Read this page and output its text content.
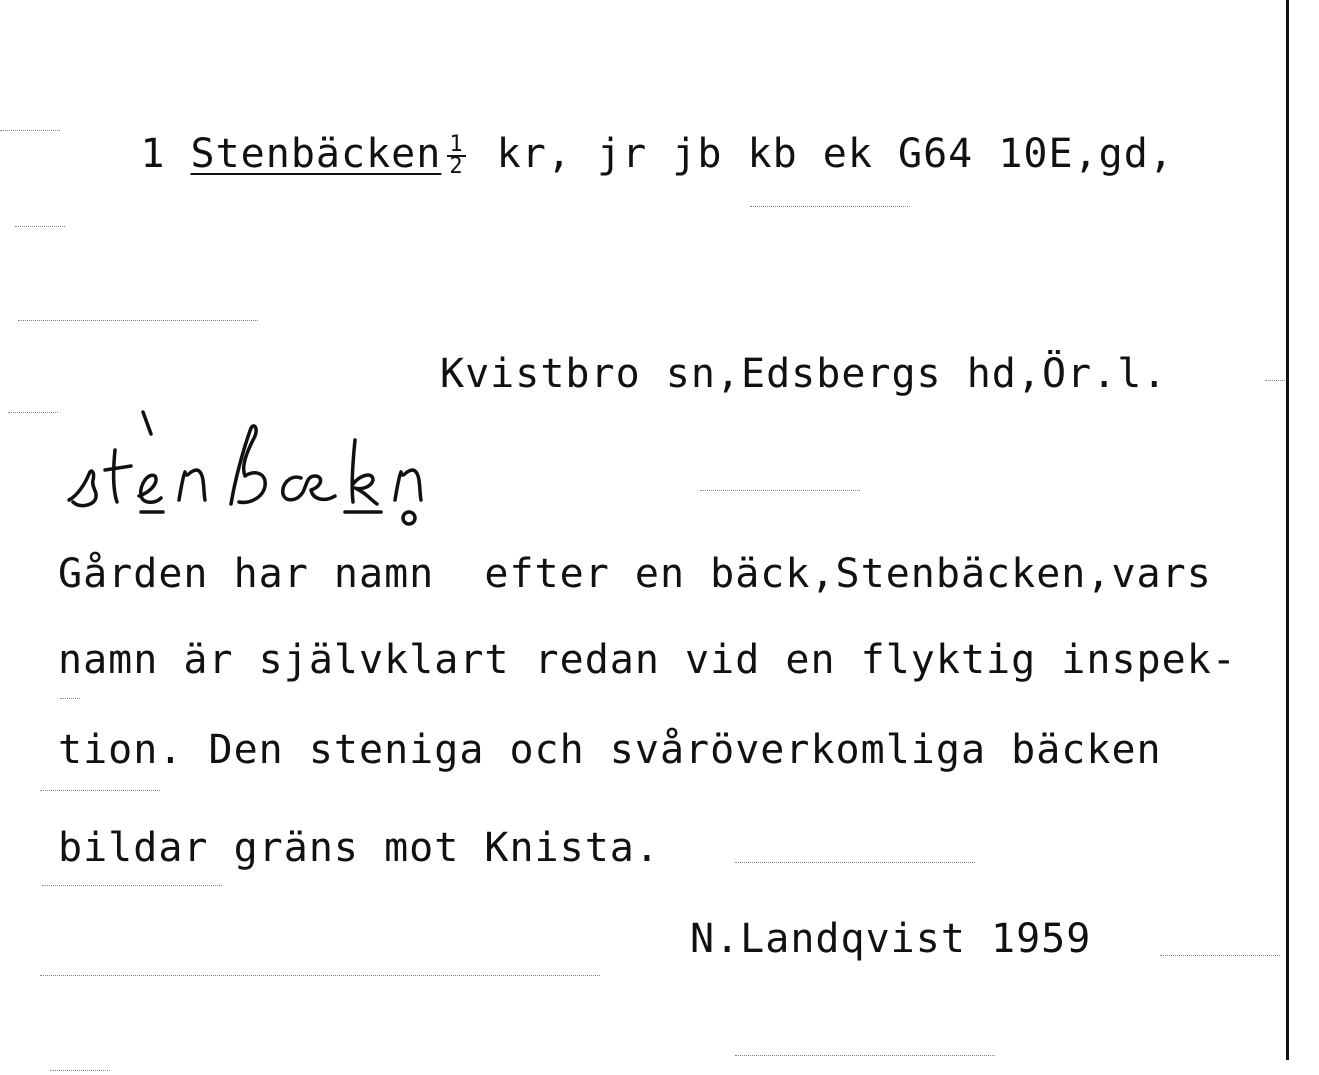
1 Stenbäcken $\frac{1}{2}$ kr, jr jb kb ek G64 10E,gd,

Kvistbro sn,Edsbergs hd,Ör.l.
Gården har namn  efter en bäck,Stenbäcken,vars
namn är självklart redan vid en flyktig inspek-
tion. Den steniga och svåröverkomliga bäcken
bildar gräns mot Knista.
N.Landqvist 1959
